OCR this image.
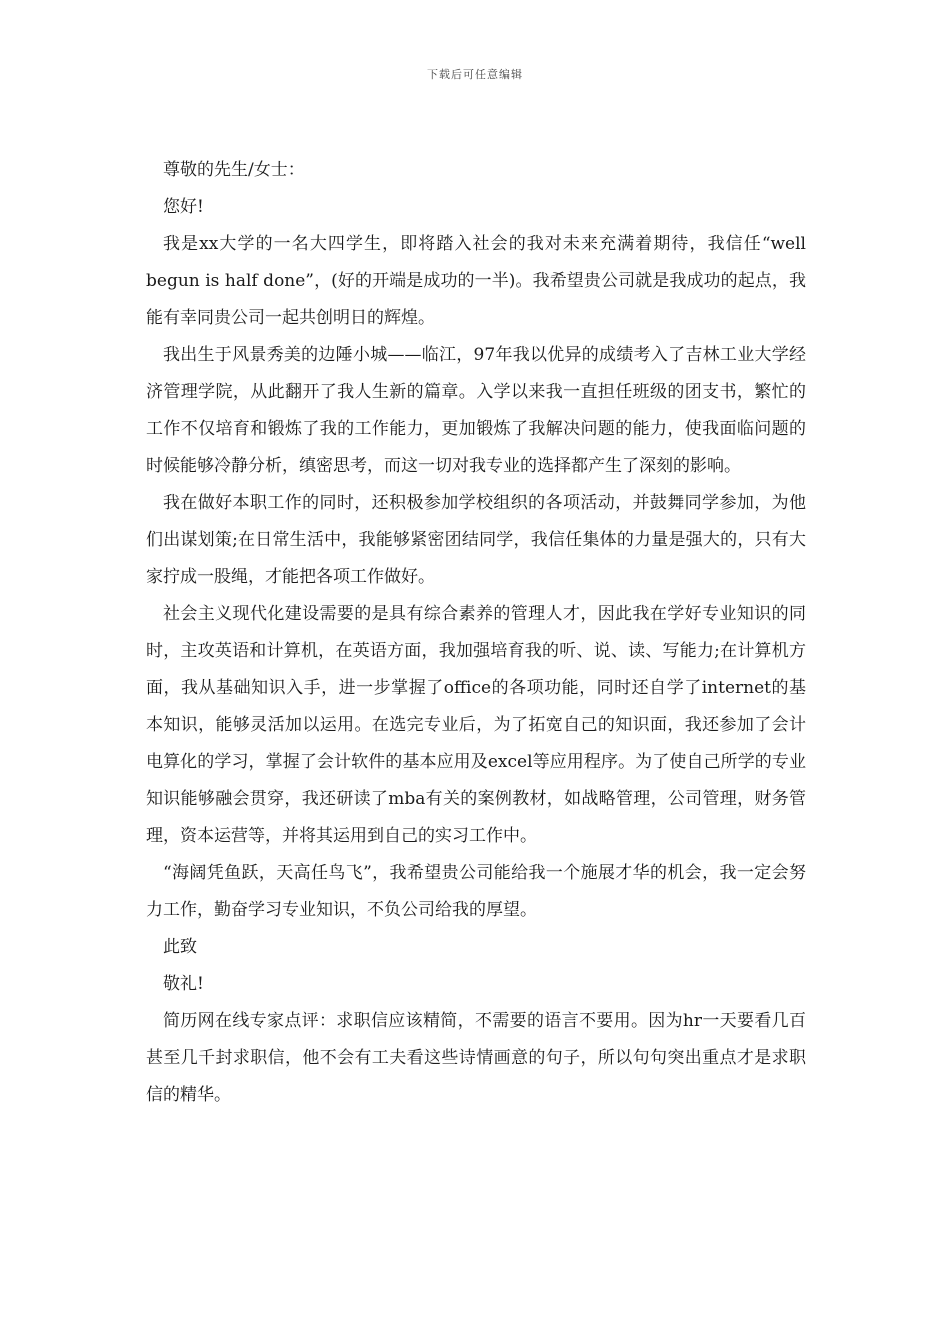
下载后可任意编辑

尊敬的先生/女士：

您好!

我是xx大学的一名大四学生，即将踏入社会的我对未来充满着期待，我信任“well begun is half done”，(好的开端是成功的一半)。我希望贵公司就是我成功的起点，我能有幸同贵公司一起共创明日的辉煌。

我出生于风景秀美的边陲小城——临江，97年我以优异的成绩考入了吉林工业大学经济管理学院，从此翻开了我人生新的篇章。入学以来我一直担任班级的团支书，繁忙的工作不仅培育和锻炼了我的工作能力，更加锻炼了我解决问题的能力，使我面临问题的时候能够冷静分析，缜密思考，而这一切对我专业的选择都产生了深刻的影响。

我在做好本职工作的同时，还积极参加学校组织的各项活动，并鼓舞同学参加，为他们出谋划策;在日常生活中，我能够紧密团结同学，我信任集体的力量是强大的，只有大家拧成一股绳，才能把各项工作做好。

社会主义现代化建设需要的是具有综合素养的管理人才，因此我在学好专业知识的同时，主攻英语和计算机，在英语方面，我加强培育我的听、说、读、写能力;在计算机方面，我从基础知识入手，进一步掌握了office的各项功能，同时还自学了internet的基本知识，能够灵活加以运用。在选完专业后，为了拓宽自己的知识面，我还参加了会计电算化的学习，掌握了会计软件的基本应用及excel等应用程序。为了使自己所学的专业知识能够融会贯穿，我还研读了mba有关的案例教材，如战略管理，公司管理，财务管理，资本运营等，并将其运用到自己的实习工作中。

“海阔凭鱼跃，天高任鸟飞”，我希望贵公司能给我一个施展才华的机会，我一定会努力工作，勤奋学习专业知识，不负公司给我的厚望。

此致

敬礼!

简历网在线专家点评：求职信应该精简，不需要的语言不要用。因为hr一天要看几百甚至几千封求职信，他不会有工夫看这些诗情画意的句子，所以句句突出重点才是求职信的精华。
